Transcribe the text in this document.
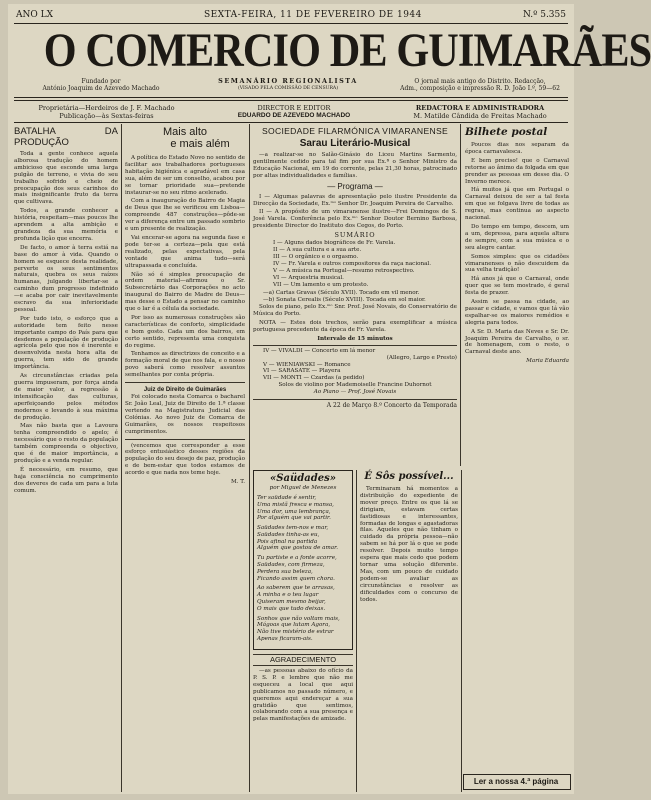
ANO LX	SEXTA-FEIRA, 11 DE FEVEREIRO DE 1944	N.º 5.355
O COMERCIO DE GUIMARÃES
Fundado por
António Joaquim de Azevedo Machado
SEMANÁRIO REGIONALISTA
(VISADO PELA COMISSÃO DE CENSURA)
O jornal mais antigo do Distrito. Redacção,
Adm., composição e impressão R. D. João I.º, 59—62
Proprietária—Herdeiros de J. F. Machado
Publicação—às Sextas-feiras
DIRECTOR E EDITOR
EDUARDO DE AZEVEDO MACHADO
REDACTORA E ADMINISTRADORA
M. Matilde Cândida de Freitas Machado
BATALHA DA PRODUÇÃO

Toda a gente conhece aquela alborosa tradução do homem ambicioso que esconde uma larga pulgão de terreno, e vivia do seu trabalho sofrido e cheio de preocupação dos seus carinhos do mais insignificante fruto da terra que cultivava.

Todos, a grande conhecer a história, respeitam—mas poucos lhe aprendem a alta ambição e grandeza da sua memória e profunda lição que encerra.

De facto, o amor à terra estiá na base do amor à vida. Quando o homem se esquece desta realidade, perverte os seus sentimentos naturais, quebra os seus raízes humanas, julgando libertar-se a caminho dum progresso indefinido—e acaba por cair inevitavelmente escravo da sua inferioridade pessoal.

Por tudo isto, o esforço que a autoridade tem feito nesse importante campo do País para que desdemos a população de produção agrícola pelo que nos é inerente e desenvolvida nesta hora alta de guerra, tem sido de grande importância.

As circunstâncias criadas pela guerra impuseram, por força ainda de maior valor, a regressão à intensificação das culturas, aperfeiçoando pelos métodos modernos e levando à sua máxima de produção.

Mas não basta que a Lavoura tenha compreendido o apelo; é necessário que o resto da população também compreenda o objectivo, que é de maior importância, a produção e a venda regular.

É necessário, em resumo, que haja consciência no cumprimento dos deveres de cada um para a luta comum.

Mais alto
e mais além

A política do Estado Novo no sentido de facilitar aos trabalhadores portugueses habitação higiénica e agradável em casa sua, além de ser um conselho, acabou por se tornar prioridade sua—pretende instaurar-se no seu ritmo acelerado.

Com a inauguração do Bairro de Magia de Deus que lhe se verificou em Lisboa—compreende 487 construções—pôde-se ver a diferença entre um passado sombrio e um presente de realização.

Vai encerar-se agora na segunda fase e pode ter-se a certeza—pela que está realizado, pelas expectativas, pela vontade que anima tudo—será ultrapassada e concluída.

Não só é simples preocupação de ordem material—afirmou o Sr. Subsecretário das Corporações no acto inaugural do Bairro de Madre de Deus—mas desse o Estado a pensar no caminho que o lar é a célula da sociedade.

Por isso as numerosas construções são características de conforto, simplicidade e bom gosto. Cada um dos bairros, em certo sentido, representa uma conquista do regime.

Tenhamos as directrizes de conceito e a formação moral de que nos fala, e o nosso povo saberá como resolver assuntos semelhantes por conta própria.

Juiz de Direito de Guimarães

Foi colocado nesta Comarca o bacharel Sr. João Leal, Juiz de Direito de 1.ª classe vertendo na Magistratura Judicial das Colónias. Ao novo Juiz de Comarca de Guimarães, os nossos respeitosos cumprimentos.

(vencemos que corresponder a esse esforço entusiástico desses regiões da população do seu desejo de paz, produção e de bem-estar que todos estamos de acordo e que nada nos teme hoje.

M. T.
SOCIEDADE FILARMÓNICA VIMARANENSE
Sarau Literário-Musical

—a realizar-se no Salão-Ginásio do Liceu Martins Sarmento, gentilmente cedido para tal fim por sua Ex.ª o Senhor Ministro da Educação Nacional, em 19 do corrente, pelas 21,30 horas, patrocinado por altas individualidades e famílias.

— Programa —

I — Algumas palavras de apresentação pelo ilustre Presidente da Direcção da Sociedade, Ex.ᵐᵒ Senhor Dr. Joaquim Pereira de Carvalho.

II — A propósito de um vimaranense ilustre—Frei Domingos de S. José Varela. Conferência pelo Ex.ᵐᵒ Senhor Doutor Bernino Barbosa, presidente Director do Instituto dos Cegos, do Porto.

SUMÁRIO
I — Alguns dados biográficos de Fr. Varela.
II — A sua cultura e a sua arte.
III — O orgânico e o orgasmo.
IV — Fr. Varela e outros compositores da raça nacional.
V — A música na Portugal—resumo retrospectivo.
VI — Arquestria musical.
VII — Um lamento e um protesto.
—a) Cartas Gravas (Século XVII). Tocado em vil menor.
—b) Sonata Cerealis (Século XVIII). Tocada em sol maior.

Solos de piano, pelo Ex.ᵐᵒ Snr. Prof. José Novais, do Conservatório de Música do Porto.

NOTA — Estes dois trechos, serão para exemplificar a música portuguesa precedente da época de Fr. Varela.

Intervalo de 15 minutos
IV — VIVALDI — Concerto em lá menor
(Allegro, Largo e Presto)
V — WIENIAWSKI — Romance
VI — SARASATE — Playera
VII — MONTI — Czardas (a pedido)
Solos de violino por Mademoiselle Francine Duhornot
Ao Piano — Prof. José Novais
A 22 de Março 8.º Concerto da Temporada
«Saüdades»
por Miguel de Menezes
Ter saüdade é sentir,
Uma mistã fresca e mansa,
Uma dor, uma lembrança,
Por alguém que vai partir.
Saüdades tem-nos e mar,
Saüdades tinha-as eu,
Pois afinal na partida
Alguém que gostou de amar.
Tu partiste e a fonte acorre,
Saüdades, com firmeza,
Perdera sua beleza,
Ficando assim quem chora.
Ao saberem que te arrasas,
A minha e o teu lugar
Quiseram mesmo beijar,
O mais que tudo deixas.
Sonhos que não voltam mais,
Mágoas que lutam Agora,
Não tive mistério de estrar
Apenas ficaram-ais.
AGRADECIMENTO

—as pessoas abaixo do ofício da P. S. P. e lembre que não me esqueceu a local que aqui publicamos no passado número, e queremos aqui endereçar a sua gratidão que sentimos, colaborando com a sua presença e pelas manifestações de amizade.

É Sôs possível...

Terminaram há momentos a distribuição do expediente de mover preço. Entre os que lá se dirigiam, estavam certas fastidiosas e interessantes, formadas de longas e agastadoras filas. Aqueles que não tinham o cuidado da própria pessoa—não sabem se há por lá o que se pode resolver. Depois muito tempo espera que mais cedo que podem tornar uma solução diferente. Mas, com um pouco de cuidado podem-se avaliar as circunstâncias e resolver as dificuldades com o concurso de todos.

Bilhete postal

Poucos dias nos separam da época carnavalesca.

E bem preciso! que o Carnaval retorne ao ânimo da folgada em que prender as pessoas em desse dia. O Inverno merece.

Há muitos já que em Portugal o Carnaval deixou de ser a tal festa em que se folgava livre de todas as regras, mas continua ao aspecto nacional.

Do tempo em tempo, descem, um a um, depressa, para aquela altura de sempre, com a sua música e o seu alegre cantar.

Somos simples: que os cidadões vimaranenses o não descuidem da sua velha tradição!

Há anos já que o Carnaval, onde quer que se tem mostrado, é geral festa de prazer.

Assim se passa na cidade, ao passar e cidade, e vamos que lá vão espalhar-se os maiores remédios e alegria para todos.

A Sr. D. Maria das Neves e Sr. Dr. Joaquim Pereira de Carvalho, o sr. de homenagem, com o resto, o Carnaval deste ano.

Maria Eduarda
Ler a nossa 4.ª página
